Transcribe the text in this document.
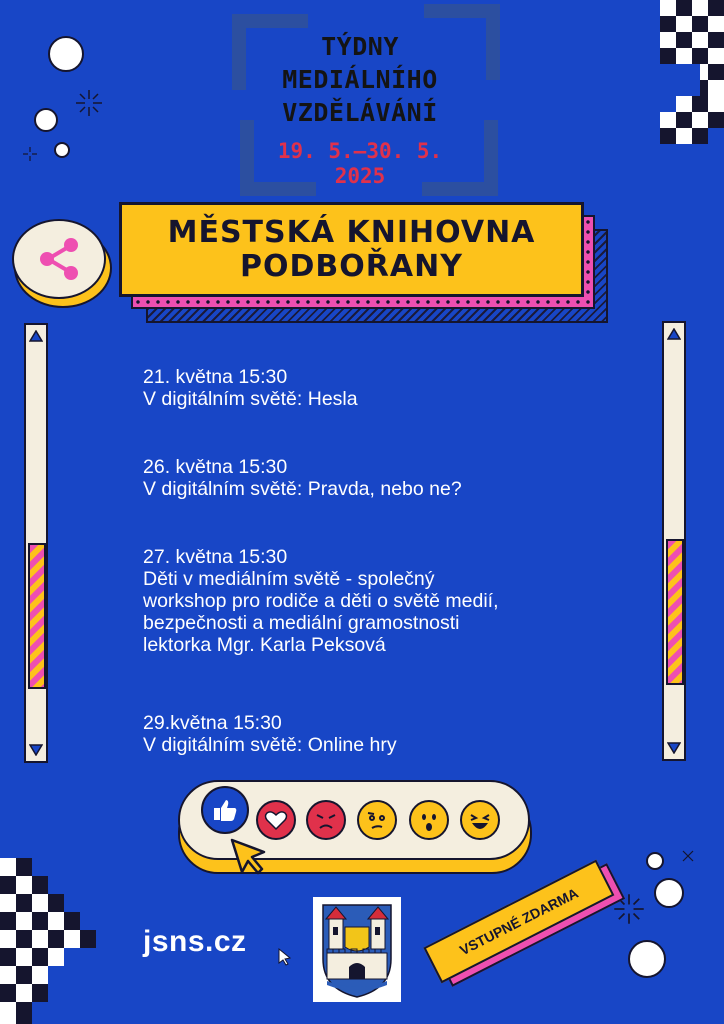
TÝDNY
MEDIÁLNÍHO
VZDĚLÁVÁNÍ
19. 5.—30. 5.
2025
MĚSTSKÁ KNIHOVNA
PODBOŘANY
21. května 15:30
V digitálním světě: Hesla
26. května 15:30
V digitálním světě: Pravda, nebo ne?
27. května 15:30
Děti v mediálním světě - společný
workshop pro rodiče a děti o světě medií,
bezpečnosti a mediální gramostnosti
lektorka Mgr. Karla Peksová
29.května 15:30
V digitálním světě: Online hry
jsns.cz	VSTUPNÉ ZDARMA
